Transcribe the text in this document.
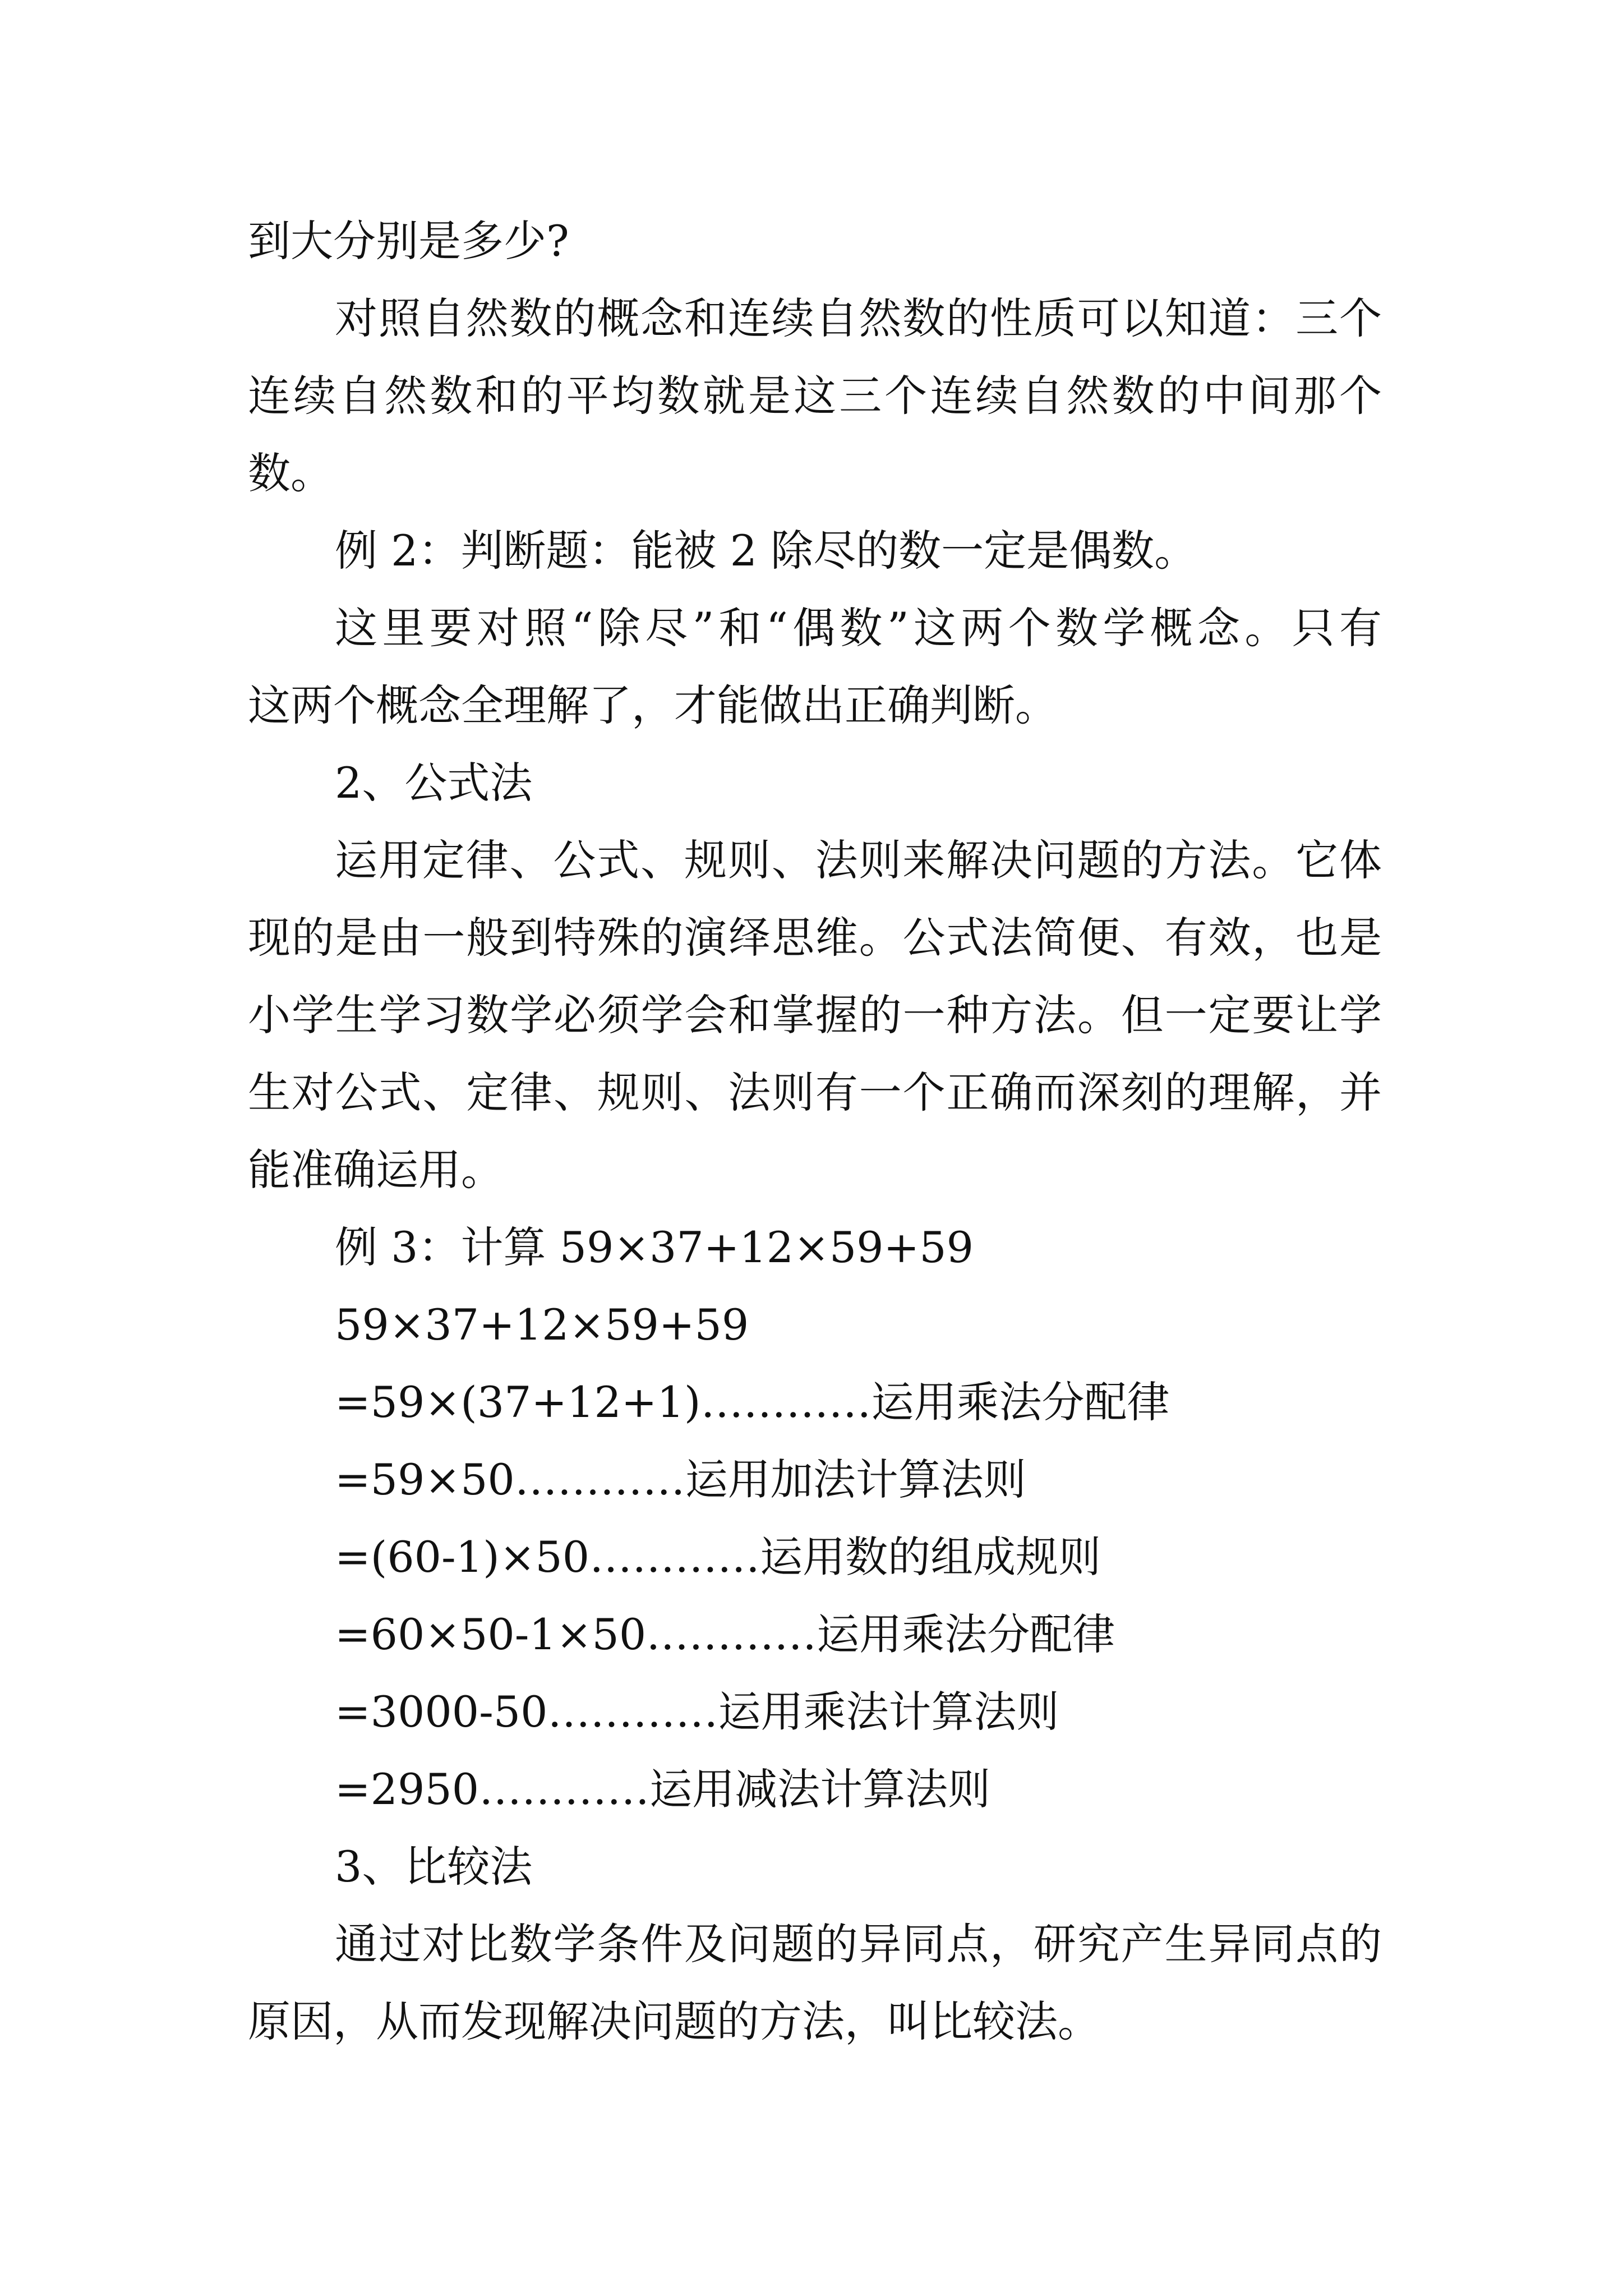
到大分别是多少?

对照自然数的概念和连续自然数的性质可以知道：三个

连续自然数和的平均数就是这三个连续自然数的中间那个

数。

例 2：判断题：能被 2 除尽的数一定是偶数。

这里要对照“除尽”和“偶数”这两个数学概念。只有

这两个概念全理解了，才能做出正确判断。

2、公式法

运用定律、公式、规则、法则来解决问题的方法。它体

现的是由一般到特殊的演绎思维。公式法简便、有效，也是

小学生学习数学必须学会和掌握的一种方法。但一定要让学

生对公式、定律、规则、法则有一个正确而深刻的理解，并

能准确运用。

例 3：计算 59×37+12×59+59

59×37+12×59+59

=59×(37+12+1)…………运用乘法分配律

=59×50…………运用加法计算法则

=(60-1)×50…………运用数的组成规则

=60×50-1×50…………运用乘法分配律

=3000-50…………运用乘法计算法则

=2950…………运用减法计算法则

3、比较法

通过对比数学条件及问题的异同点，研究产生异同点的

原因，从而发现解决问题的方法，叫比较法。
